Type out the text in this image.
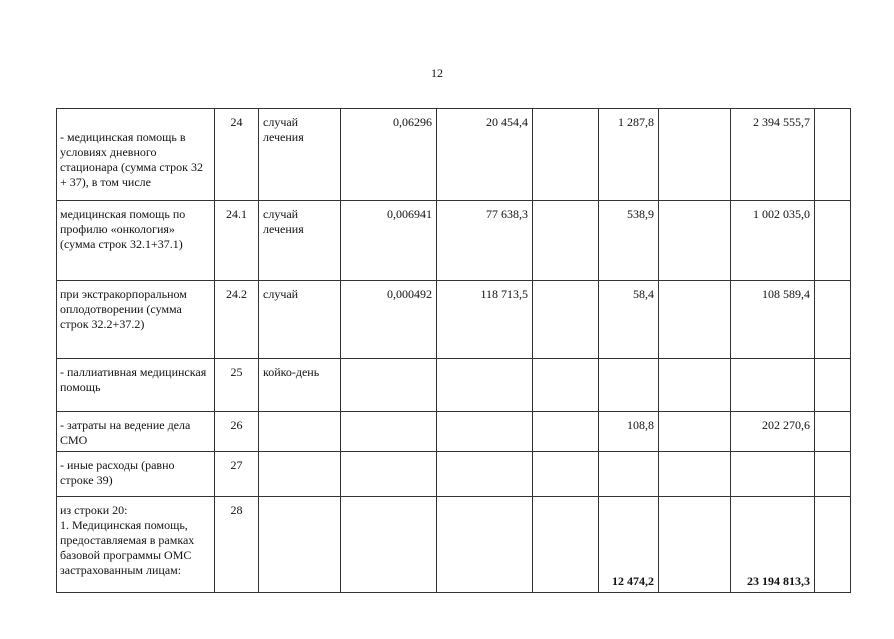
12
- медицинская помощь в условиях дневного стационара (сумма строк 32 + 37), в том числе	24	случай лечения	0,06296	20 454,4		1 287,8		2 394 555,7	
медицинская помощь по профилю «онкология» (сумма строк 32.1+37.1)	24.1	случай лечения	0,006941	77 638,3		538,9		1 002 035,0	
при экстракорпоральном оплодотворении (сумма строк 32.2+37.2)	24.2	случай	0,000492	118 713,5		58,4		108 589,4	
- паллиативная медицинская помощь	25	койко-день							
- затраты на ведение дела СМО	26					108,8		202 270,6	
- иные расходы (равно строке 39)	27								

из строки 20:
1. Медицинская помощь, предоставляемая в рамках базовой программы ОМС застрахованным лицам:	28					12 474,2		23 194 813,3	
